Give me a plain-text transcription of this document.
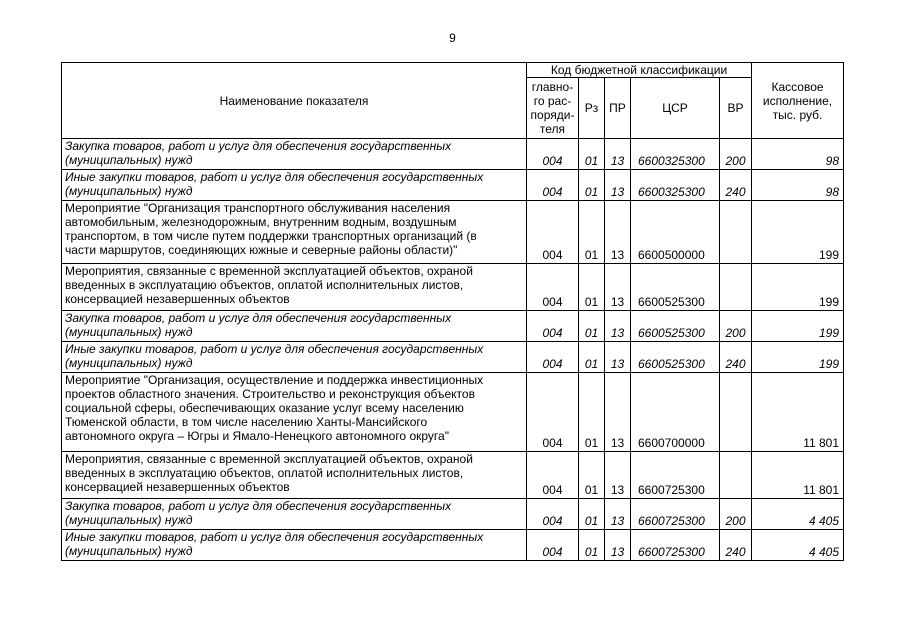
9
Наименование показателя	Код бюджетной классификации					Кассовое
исполнение,
тыс. руб.

	главно-
го рас-
поряди-
теля	Рз	ПР	ЦСР	ВР	

Закупка товаров, работ и услуг для обеспечения государственных
(муниципальных) нужд	004	01	13	6600325300	200	98

Иные закупки товаров, работ и услуг для обеспечения государственных
(муниципальных) нужд	004	01	13	6600325300	240	98

Мероприятие "Организация транспортного обслуживания населения
автомобильным, железнодорожным, внутренним водным, воздушным
транспортом, в том числе путем поддержки транспортных организаций (в
части маршрутов, соединяющих южные и северные районы области)"	004	01	13	6600500000		199

Мероприятия, связанные с временной эксплуатацией объектов, охраной
введенных в эксплуатацию объектов, оплатой исполнительных листов,
консервацией незавершенных объектов	004	01	13	6600525300		199

Закупка товаров, работ и услуг для обеспечения государственных
(муниципальных) нужд	004	01	13	6600525300	200	199

Иные закупки товаров, работ и услуг для обеспечения государственных
(муниципальных) нужд	004	01	13	6600525300	240	199

Мероприятие "Организация, осуществление и поддержка инвестиционных
проектов областного значения. Строительство и реконструкция объектов
социальной сферы, обеспечивающих оказание услуг всему населению
Тюменской области, в том числе населению Ханты-Мансийского
автономного округа – Югры и Ямало-Ненецкого автономного округа"	004	01	13	6600700000		11 801

Мероприятия, связанные с временной эксплуатацией объектов, охраной
введенных в эксплуатацию объектов, оплатой исполнительных листов,
консервацией незавершенных объектов	004	01	13	6600725300		11 801

Закупка товаров, работ и услуг для обеспечения государственных
(муниципальных) нужд	004	01	13	6600725300	200	4 405

Иные закупки товаров, работ и услуг для обеспечения государственных
(муниципальных) нужд	004	01	13	6600725300	240	4 405
